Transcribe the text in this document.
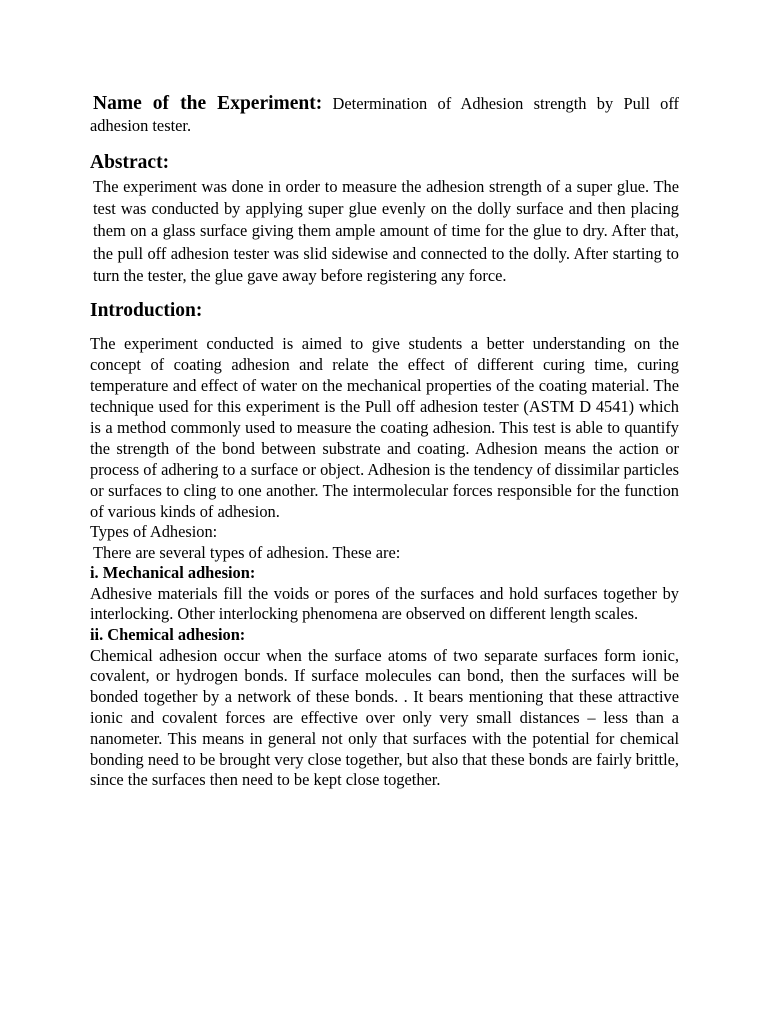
Name of the Experiment: Determination of Adhesion strength by Pull off adhesion tester.

Abstract:

The experiment was done in order to measure the adhesion strength of a super glue. The test was conducted by applying super glue evenly on the dolly surface and then placing them on a glass surface giving them ample amount of time for the glue to dry. After that, the pull off adhesion tester was slid sidewise and connected to the dolly. After starting to turn the tester, the glue gave away before registering any force.

Introduction:

The experiment conducted is aimed to give students a better understanding on the concept of coating adhesion and relate the effect of different curing time, curing temperature and effect of water on the mechanical properties of the coating material. The technique used for this experiment is the Pull off adhesion tester (ASTM D 4541) which is a method commonly used to measure the coating adhesion. This test is able to quantify the strength of the bond between substrate and coating. Adhesion means the action or process of adhering to a surface or object. Adhesion is the tendency of dissimilar particles or surfaces to cling to one another. The intermolecular forces responsible for the function of various kinds of adhesion.

Types of Adhesion:

There are several types of adhesion. These are:

i. Mechanical adhesion:

Adhesive materials fill the voids or pores of the surfaces and hold surfaces together by interlocking. Other interlocking phenomena are observed on different length scales.

ii. Chemical adhesion:

Chemical adhesion occur when the surface atoms of two separate surfaces form ionic, covalent, or hydrogen bonds. If surface molecules can bond, then the surfaces will be bonded together by a network of these bonds. . It bears mentioning that these attractive ionic and covalent forces are effective over only very small distances – less than a nanometer. This means in general not only that surfaces with the potential for chemical bonding need to be brought very close together, but also that these bonds are fairly brittle, since the surfaces then need to be kept close together.
